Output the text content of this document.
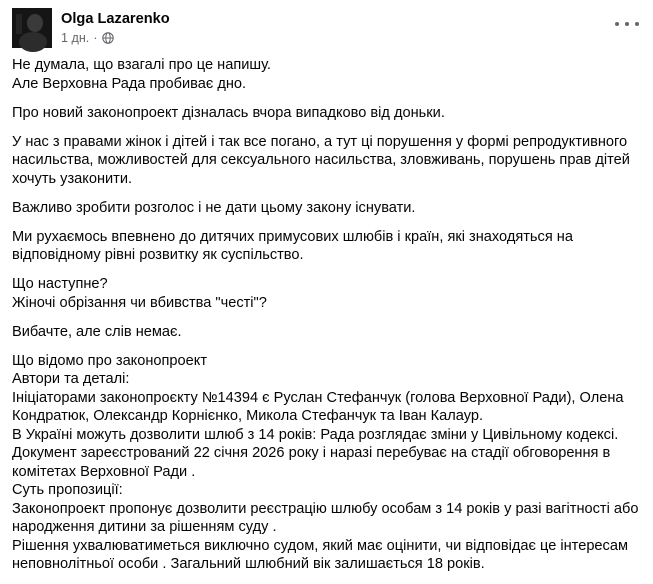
Olga Lazarenko
1 дн. ·

Не думала, що взагалі про це напишу.
Але Верховна Рада пробиває дно.

Про новий законопроект дізналась вчора випадково від доньки.

У нас з правами жінок і дітей і так все погано, а тут ці порушення у формі репродуктивного насильства, можливостей для сексуального насильства, зловживань, порушень прав дітей хочуть узаконити.

Важливо зробити розголос і не дати цьому закону існувати.

Ми рухаємось впевнено до дитячих примусових шлюбів і країн, які знаходяться на відповідному рівні розвитку як суспільство.

Що наступне?
Жіночі обрізання чи вбивства "честі"?

Вибачте, але слів немає.

Що відомо про законопроект
Автори та деталі:
Ініціаторами законопроєкту №14394 є Руслан Стефанчук (голова Верховної Ради), Олена Кондратюк, Олександр Корнієнко, Микола Стефанчук та Іван Калаур.
В Україні можуть дозволити шлюб з 14 років: Рада розглядає зміни у Цивільному кодексі.
Документ зареєстрований 22 січня 2026 року і наразі перебуває на стадії обговорення в комітетах Верховної Ради .
Суть пропозиції:
Законопроект пропонує дозволити реєстрацію шлюбу особам з 14 років у разі вагітності або народження дитини за рішенням суду .
Рішення ухвалюватиметься виключно судом, який має оцінити, чи відповідає це інтересам неповнолітньої особи . Загальний шлюбний вік залишається 18 років.
